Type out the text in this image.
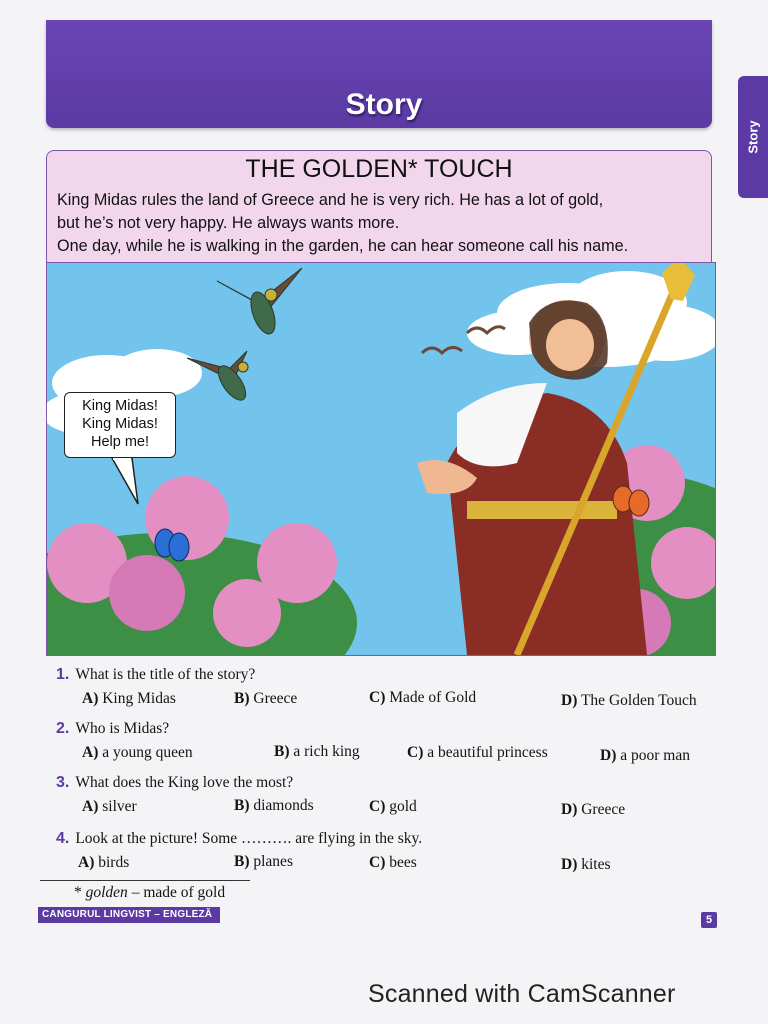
Story
Story
THE GOLDEN* TOUCH

King Midas rules the land of Greece and he is very rich. He has a lot of gold,

but he’s not very happy. He always wants more.

One day, while he is walking in the garden, he can hear someone call his name.

King Midas!
King Midas!
Help me!
1. What is the title of the story?
A) King Midas	B) Greece	C) Made of Gold	D) The Golden Touch
2. Who is Midas?
A) a young queen	B) a rich king	C) a beautiful princess	D) a poor man
3. What does the King love the most?
A) silver	B) diamonds	C) gold	D) Greece
4. Look at the picture! Some ………. are flying in the sky.
A) birds	B) planes	C) bees	D) kites
* golden – made of gold
CANGURUL LINGVIST – ENGLEZĂ	5
Scanned with CamScanner
